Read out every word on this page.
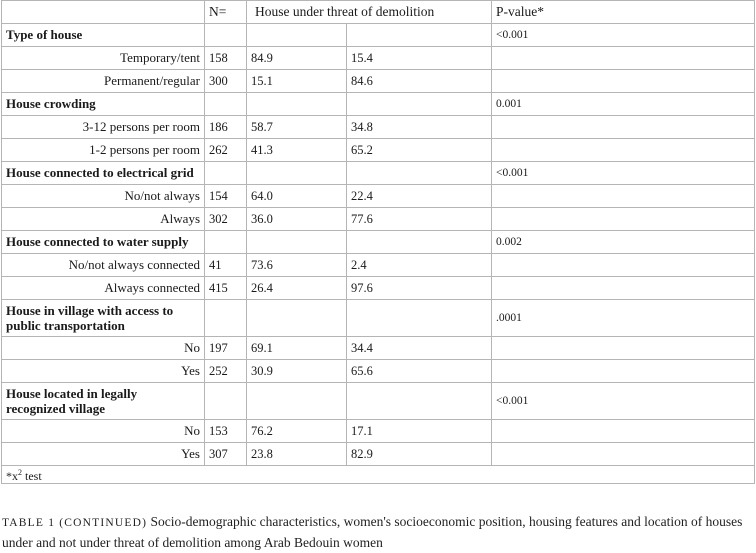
	N=	House under threat of demolition		P-value*
Type of house				<0.001
Temporary/tent	158	84.9	15.4	
Permanent/regular	300	15.1	84.6	
House crowding				0.001
3-12 persons per room	186	58.7	34.8	
1-2 persons per room	262	41.3	65.2	
House connected to electrical grid				<0.001
No/not always	154	64.0	22.4	
Always	302	36.0	77.6	
House connected to water supply				0.002
No/not always connected	41	73.6	2.4	
Always connected	415	26.4	97.6	
House in village with access to
public transportation				.0001
No	197	69.1	34.4	
Yes	252	30.9	65.6	
House located in legally
recognized village				<0.001
No	153	76.2	17.1	
Yes	307	23.8	82.9	
$*x^2$ test				
TABLE 1 (CONTINUED) Socio-demographic characteristics, women's socioeconomic position, housing features and location of houses under and not under threat of demolition among Arab Bedouin women
